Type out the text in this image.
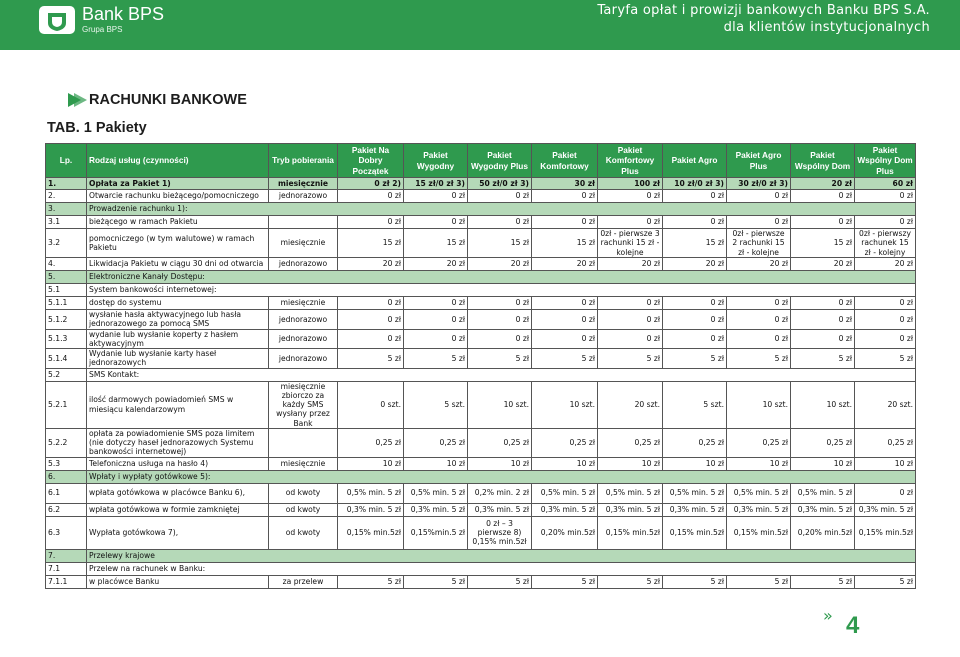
Bank BPS
Grupa BPS
Taryfa opłat i prowizji bankowych Banku BPS S.A.
dla klientów instytucjonalnych
RACHUNKI BANKOWE
TAB. 1 Pakiety
Lp.	Rodzaj usług (czynności)	Tryb pobierania	Pakiet Na Dobry Początek	Pakiet Wygodny	Pakiet Wygodny Plus	Pakiet Komfortowy	Pakiet Komfortowy Plus	Pakiet Agro	Pakiet Agro Plus	Pakiet Wspólny Dom	Pakiet Wspólny Dom Plus
1.	Opłata za Pakiet 1)	miesięcznie	0 zł 2)	15 zł/0 zł 3)	50 zł/0 zł 3)	30 zł	100 zł	10 zł/0 zł 3)	30 zł/0 zł 3)	20 zł	60 zł
2.	Otwarcie rachunku bieżącego/pomocniczego	jednorazowo	0 zł	0 zł	0 zł	0 zł	0 zł	0 zł	0 zł	0 zł	0 zł
3.	Prowadzenie rachunku 1):										
3.1	bieżącego w ramach Pakietu		0 zł	0 zł	0 zł	0 zł	0 zł	0 zł	0 zł	0 zł	0 zł
3.2	pomocniczego (w tym walutowe) w ramach Pakietu	miesięcznie	15 zł	15 zł	15 zł	15 zł	0zł - pierwsze 3 rachunki 15 zł - kolejne	15 zł	0zł - pierwsze 2 rachunki 15 zł - kolejne	15 zł	0zł - pierwszy rachunek 15 zł - kolejny
4.	Likwidacja Pakietu w ciągu 30 dni od otwarcia	jednorazowo	20 zł	20 zł	20 zł	20 zł	20 zł	20 zł	20 zł	20 zł	20 zł
5.	Elektroniczne Kanały Dostępu:										
5.1	System bankowości internetowej:										
5.1.1	dostęp do systemu	miesięcznie	0 zł	0 zł	0 zł	0 zł	0 zł	0 zł	0 zł	0 zł	0 zł
5.1.2	wysłanie hasła aktywacyjnego lub hasła jednorazowego za pomocą SMS	jednorazowo	0 zł	0 zł	0 zł	0 zł	0 zł	0 zł	0 zł	0 zł	0 zł
5.1.3	wydanie lub wysłanie koperty z hasłem aktywacyjnym	jednorazowo	0 zł	0 zł	0 zł	0 zł	0 zł	0 zł	0 zł	0 zł	0 zł
5.1.4	Wydanie lub wysłanie karty haseł jednorazowych	jednorazowo	5 zł	5 zł	5 zł	5 zł	5 zł	5 zł	5 zł	5 zł	5 zł
5.2	SMS Kontakt:										
5.2.1	ilość darmowych powiadomień SMS w miesiącu kalendarzowym	miesięcznie zbiorczo za każdy SMS wysłany przez Bank	0 szt.	5 szt.	10 szt.	10 szt.	20 szt.	5 szt.	10 szt.	10 szt.	20 szt.
5.2.2	opłata za powiadomienie SMS poza limitem (nie dotyczy haseł jednorazowych Systemu bankowości internetowej)		0,25 zł	0,25 zł	0,25 zł	0,25 zł	0,25 zł	0,25 zł	0,25 zł	0,25 zł	0,25 zł
5.3	Telefoniczna usługa na hasło 4)	miesięcznie	10 zł	10 zł	10 zł	10 zł	10 zł	10 zł	10 zł	10 zł	10 zł
6.	Wpłaty i wypłaty gotówkowe 5):										
6.1	wpłata gotówkowa w placówce Banku 6),	od kwoty	0,5% min. 5 zł	0,5% min. 5 zł	0,2% min. 2 zł	0,5% min. 5 zł	0,5% min. 5 zł	0,5% min. 5 zł	0,5% min. 5 zł	0,5% min. 5 zł	0 zł
6.2	wpłata gotówkowa w formie zamkniętej	od kwoty	0,3% min. 5 zł	0,3% min. 5 zł	0,3% min. 5 zł	0,3% min. 5 zł	0,3% min. 5 zł	0,3% min. 5 zł	0,3% min. 5 zł	0,3% min. 5 zł	0,3% min. 5 zł
6.3	Wypłata gotówkowa 7),	od kwoty	0,15% min.5zł	0,15%min.5 zł	0 zł – 3 pierwsze 8) 0,15% min.5zł	0,20% min.5zł	0,15% min.5zł	0,15% min.5zł	0,15% min.5zł	0,20% min.5zł	0,15% min.5zł
7.	Przelewy krajowe										
7.1	Przelew na rachunek w Banku:										
7.1.1	w placówce Banku	za przelew	5 zł	5 zł	5 zł	5 zł	5 zł	5 zł	5 zł	5 zł	5 zł
» 4
